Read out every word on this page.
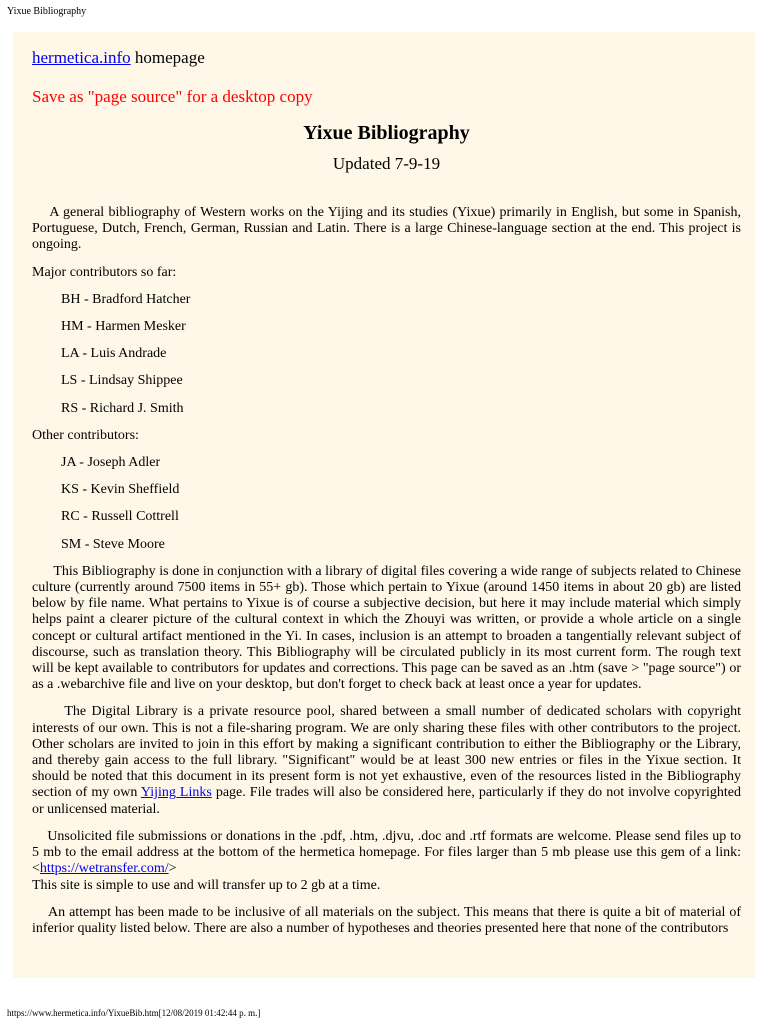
Yixue Bibliography

hermetica.info homepage

Save as "page source" for a desktop copy

Yixue Bibliography

Updated 7-9-19

A general bibliography of Western works on the Yijing and its studies (Yixue) primarily in English, but some in Spanish, Portuguese, Dutch, French, German, Russian and Latin. There is a large Chinese-language section at the end. This project is ongoing.

Major contributors so far:

BH - Bradford Hatcher
HM - Harmen Mesker
LA - Luis Andrade
LS - Lindsay Shippee
RS - Richard J. Smith

Other contributors:

JA - Joseph Adler
KS - Kevin Sheffield
RC - Russell Cottrell
SM - Steve Moore

This Bibliography is done in conjunction with a library of digital files covering a wide range of subjects related to Chinese culture (currently around 7500 items in 55+ gb). Those which pertain to Yixue (around 1450 items in about 20 gb) are listed below by file name. What pertains to Yixue is of course a subjective decision, but here it may include material which simply helps paint a clearer picture of the cultural context in which the Zhouyi was written, or provide a whole article on a single concept or cultural artifact mentioned in the Yi. In cases, inclusion is an attempt to broaden a tangentially relevant subject of discourse, such as translation theory. This Bibliography will be circulated publicly in its most current form. The rough text will be kept available to contributors for updates and corrections. This page can be saved as an .htm (save > "page source") or as a .webarchive file and live on your desktop, but don't forget to check back at least once a year for updates.

The Digital Library is a private resource pool, shared between a small number of dedicated scholars with copyright interests of our own. This is not a file-sharing program. We are only sharing these files with other contributors to the project. Other scholars are invited to join in this effort by making a significant contribution to either the Bibliography or the Library, and thereby gain access to the full library. "Significant" would be at least 300 new entries or files in the Yixue section. It should be noted that this document in its present form is not yet exhaustive, even of the resources listed in the Bibliography section of my own Yijing Links page. File trades will also be considered here, particularly if they do not involve copyrighted or unlicensed material.

Unsolicited file submissions or donations in the .pdf, .htm, .djvu, .doc and .rtf formats are welcome. Please send files up to 5 mb to the email address at the bottom of the hermetica homepage. For files larger than 5 mb please use this gem of a link:<https://wetransfer.com/>
This site is simple to use and will transfer up to 2 gb at a time.

An attempt has been made to be inclusive of all materials on the subject. This means that there is quite a bit of material of inferior quality listed below. There are also a number of hypotheses and theories presented here that none of the contributors

https://www.hermetica.info/YixueBib.htm[12/08/2019 01:42:44 p. m.]
